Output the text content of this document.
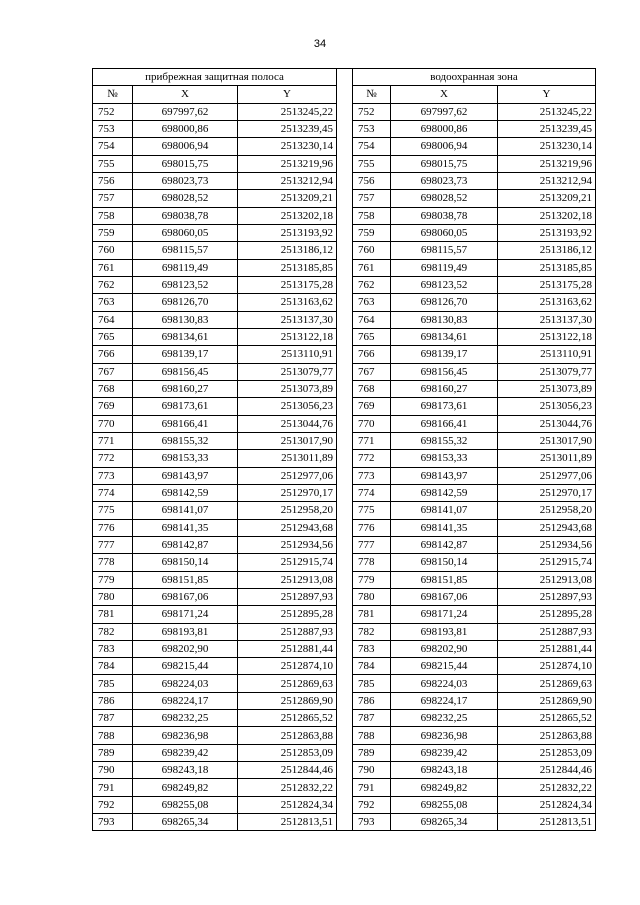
34
прибрежная защитная полоса				водоохранная зона		
№	X	Y		№	X	Y
752	697997,62	2513245,22		752	697997,62	2513245,22
753	698000,86	2513239,45		753	698000,86	2513239,45
754	698006,94	2513230,14		754	698006,94	2513230,14
755	698015,75	2513219,96		755	698015,75	2513219,96
756	698023,73	2513212,94		756	698023,73	2513212,94
757	698028,52	2513209,21		757	698028,52	2513209,21
758	698038,78	2513202,18		758	698038,78	2513202,18
759	698060,05	2513193,92		759	698060,05	2513193,92
760	698115,57	2513186,12		760	698115,57	2513186,12
761	698119,49	2513185,85		761	698119,49	2513185,85
762	698123,52	2513175,28		762	698123,52	2513175,28
763	698126,70	2513163,62		763	698126,70	2513163,62
764	698130,83	2513137,30		764	698130,83	2513137,30
765	698134,61	2513122,18		765	698134,61	2513122,18
766	698139,17	2513110,91		766	698139,17	2513110,91
767	698156,45	2513079,77		767	698156,45	2513079,77
768	698160,27	2513073,89		768	698160,27	2513073,89
769	698173,61	2513056,23		769	698173,61	2513056,23
770	698166,41	2513044,76		770	698166,41	2513044,76
771	698155,32	2513017,90		771	698155,32	2513017,90
772	698153,33	2513011,89		772	698153,33	2513011,89
773	698143,97	2512977,06		773	698143,97	2512977,06
774	698142,59	2512970,17		774	698142,59	2512970,17
775	698141,07	2512958,20		775	698141,07	2512958,20
776	698141,35	2512943,68		776	698141,35	2512943,68
777	698142,87	2512934,56		777	698142,87	2512934,56
778	698150,14	2512915,74		778	698150,14	2512915,74
779	698151,85	2512913,08		779	698151,85	2512913,08
780	698167,06	2512897,93		780	698167,06	2512897,93
781	698171,24	2512895,28		781	698171,24	2512895,28
782	698193,81	2512887,93		782	698193,81	2512887,93
783	698202,90	2512881,44		783	698202,90	2512881,44
784	698215,44	2512874,10		784	698215,44	2512874,10
785	698224,03	2512869,63		785	698224,03	2512869,63
786	698224,17	2512869,90		786	698224,17	2512869,90
787	698232,25	2512865,52		787	698232,25	2512865,52
788	698236,98	2512863,88		788	698236,98	2512863,88
789	698239,42	2512853,09		789	698239,42	2512853,09
790	698243,18	2512844,46		790	698243,18	2512844,46
791	698249,82	2512832,22		791	698249,82	2512832,22
792	698255,08	2512824,34		792	698255,08	2512824,34
793	698265,34	2512813,51		793	698265,34	2512813,51
